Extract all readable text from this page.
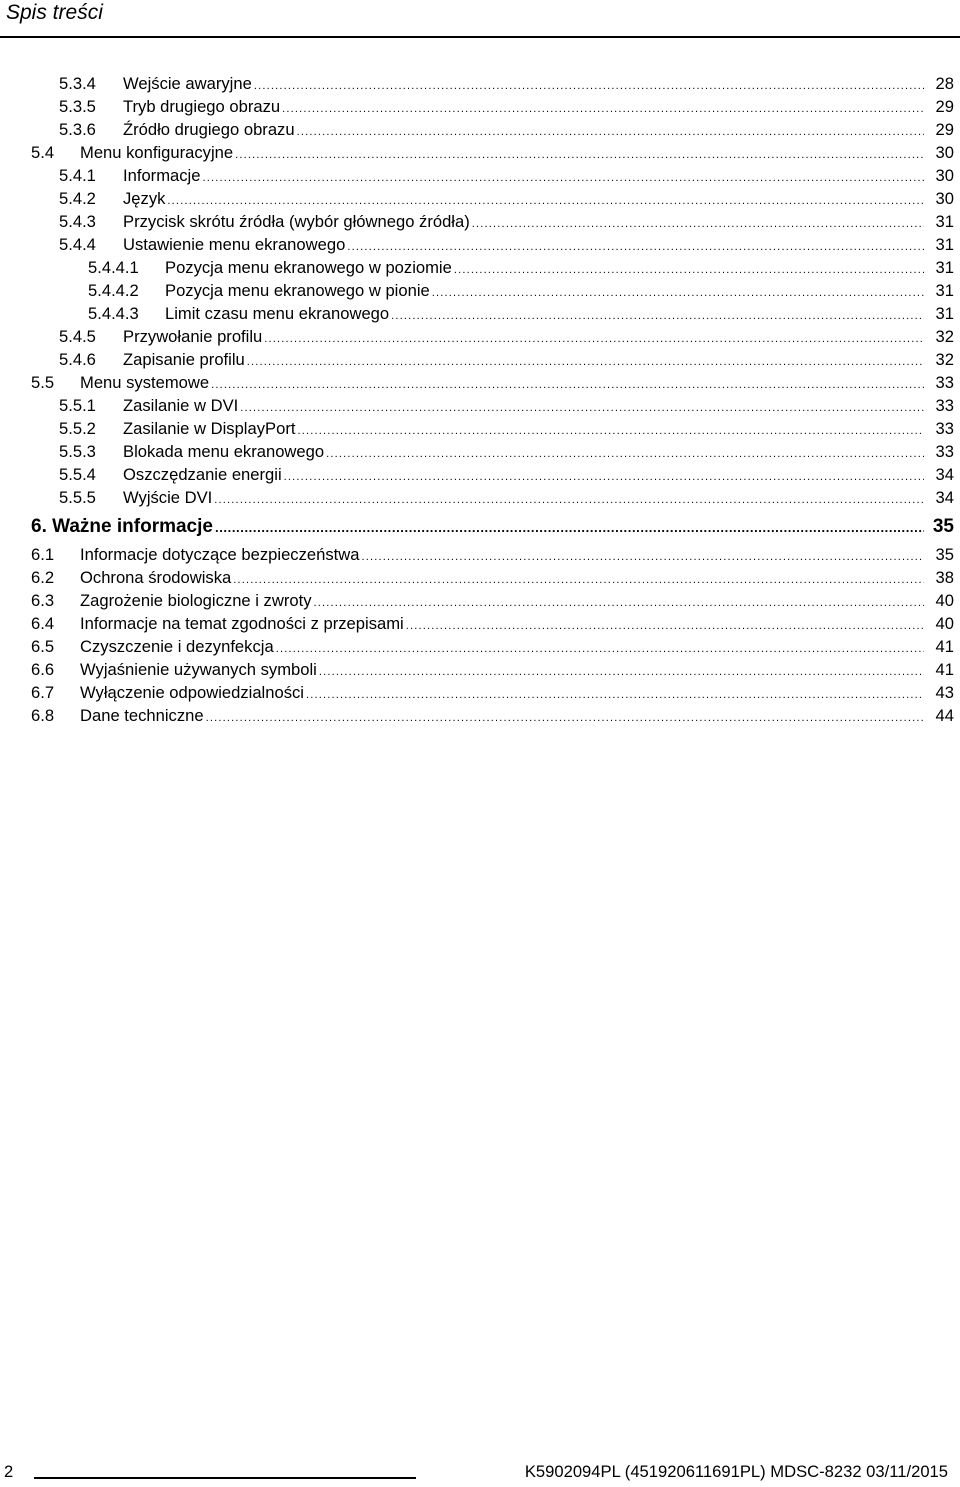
Spis treści
5.3.4 Wejście awaryjne .....	28
5.3.5 Tryb drugiego obrazu .....	29
5.3.6 Źródło drugiego obrazu .....	29
5.4 Menu konfiguracyjne .....	30
5.4.1 Informacje .....	30
5.4.2 Język .....	30
5.4.3 Przycisk skrótu źródła (wybór głównego źródła) .....	31
5.4.4 Ustawienie menu ekranowego .....	31
5.4.4.1 Pozycja menu ekranowego w poziomie .....	31
5.4.4.2 Pozycja menu ekranowego w pionie .....	31
5.4.4.3 Limit czasu menu ekranowego .....	31
5.4.5 Przywołanie profilu .....	32
5.4.6 Zapisanie profilu .....	32
5.5 Menu systemowe .....	33
5.5.1 Zasilanie w DVI .....	33
5.5.2 Zasilanie w DisplayPort .....	33
5.5.3 Blokada menu ekranowego .....	33
5.5.4 Oszczędzanie energii .....	34
5.5.5 Wyjście DVI .....	34
6. Ważne informacje .....	35
6.1 Informacje dotyczące bezpieczeństwa .....	35
6.2 Ochrona środowiska .....	38
6.3 Zagrożenie biologiczne i zwroty .....	40
6.4 Informacje na temat zgodności z przepisami .....	40
6.5 Czyszczenie i dezynfekcja .....	41
6.6 Wyjaśnienie używanych symboli .....	41
6.7 Wyłączenie odpowiedzialności .....	43
6.8 Dane techniczne .....	44
2	K5902094PL (451920611691PL) MDSC-8232 03/11/2015
